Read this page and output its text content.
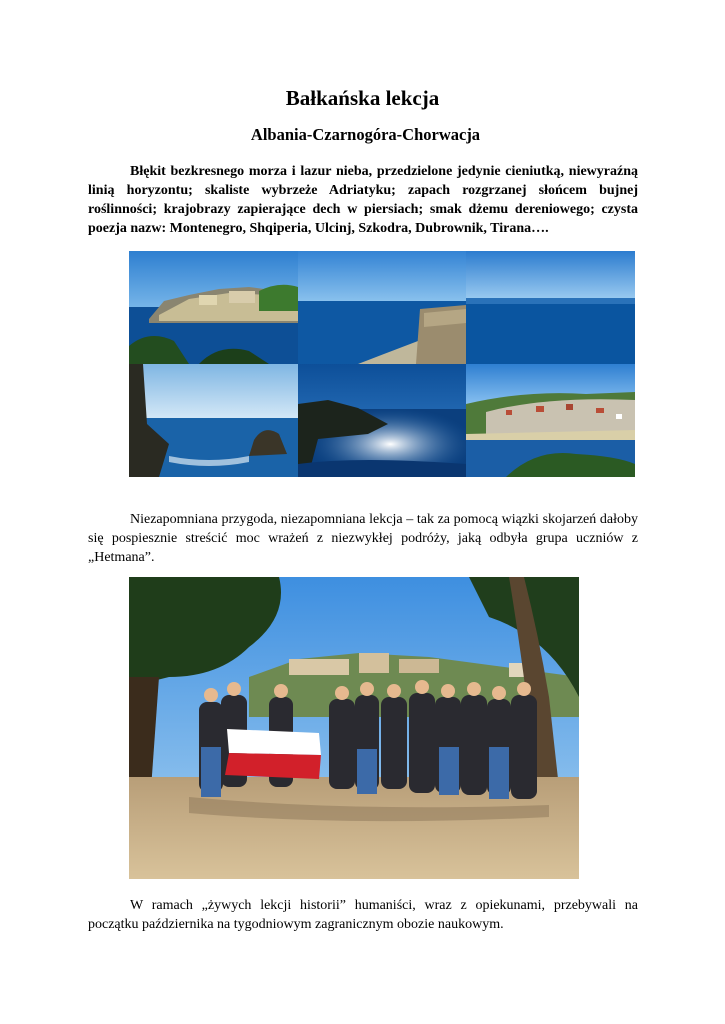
Bałkańska lekcja
Albania-Czarnogóra-Chorwacja

Błękit bezkresnego morza i lazur nieba, przedzielone jedynie cieniutką, niewyraźną linią horyzontu; skaliste wybrzeże Adriatyku; zapach rozgrzanej słońcem bujnej roślinności; krajobrazy zapierające dech w piersiach; smak dżemu dereniowego; czysta poezja nazw: Montenegro, Shqiperia, Ulcinj, Szkodra, Dubrownik, Tirana….

Niezapomniana przygoda, niezapomniana lekcja – tak za pomocą wiązki skojarzeń dałoby się pospiesznie streścić moc wrażeń z niezwykłej podróży, jaką odbyła grupa uczniów z „Hetmana”.

W ramach „żywych lekcji historii” humaniści, wraz z opiekunami, przebywali na początku października na tygodniowym zagranicznym obozie naukowym.
